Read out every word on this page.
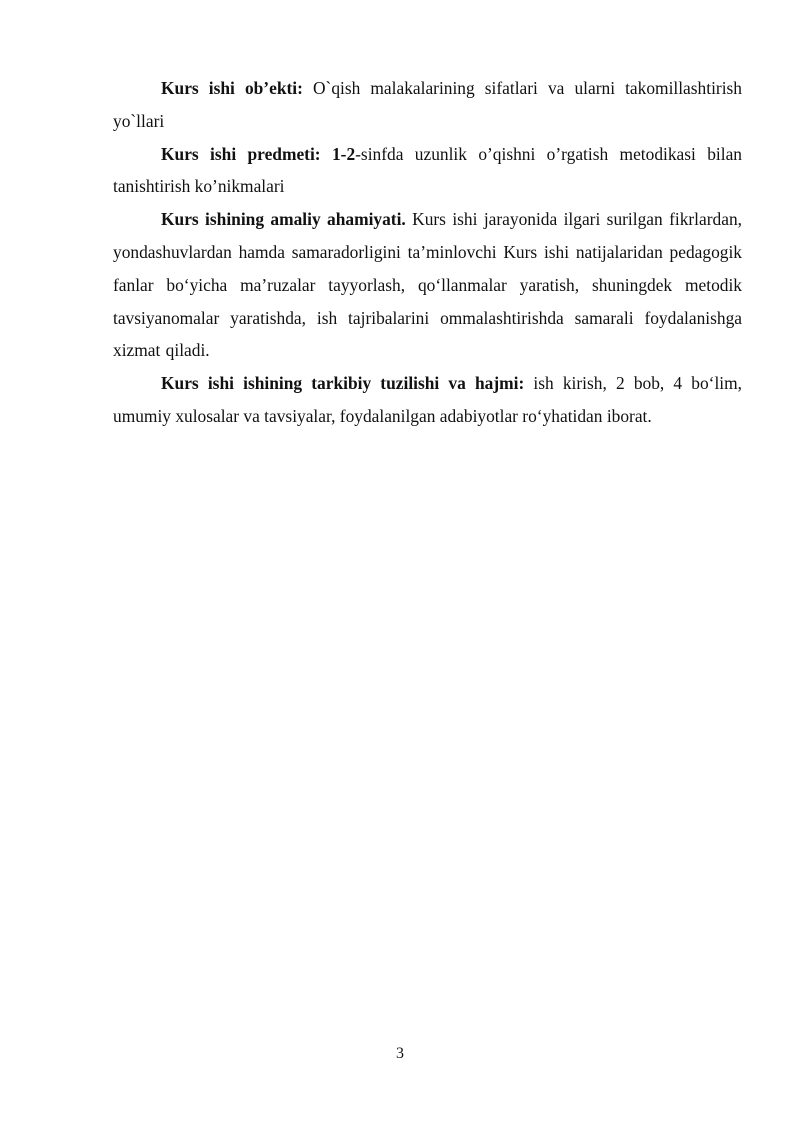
Kurs ishi ob’ekti: O`qish malakalarining sifatlari va ularni takomillashtirish yo`llari

Kurs ishi predmeti: 1-2-sinfda uzunlik o’qishni o’rgatish metodikasi bilan tanishtirish ko’nikmalari

Kurs ishining amaliy ahamiyati. Kurs ishi jarayonida ilgari surilgan fikrlardan, yondashuvlardan hamda samaradorligini ta’minlovchi Kurs ishi natijalaridan pedagogik fanlar bo‘yicha ma’ruzalar tayyorlash, qo‘llanmalar yaratish, shuningdek metodik tavsiyanomalar yaratishda, ish tajribalarini ommalashtirishda samarali foydalanishga xizmat qiladi.

Kurs ishi ishining tarkibiy tuzilishi va hajmi: ish kirish, 2 bob, 4 bo‘lim, umumiy xulosalar va tavsiyalar, foydalanilgan adabiyotlar ro‘yhatidan iborat.

3
